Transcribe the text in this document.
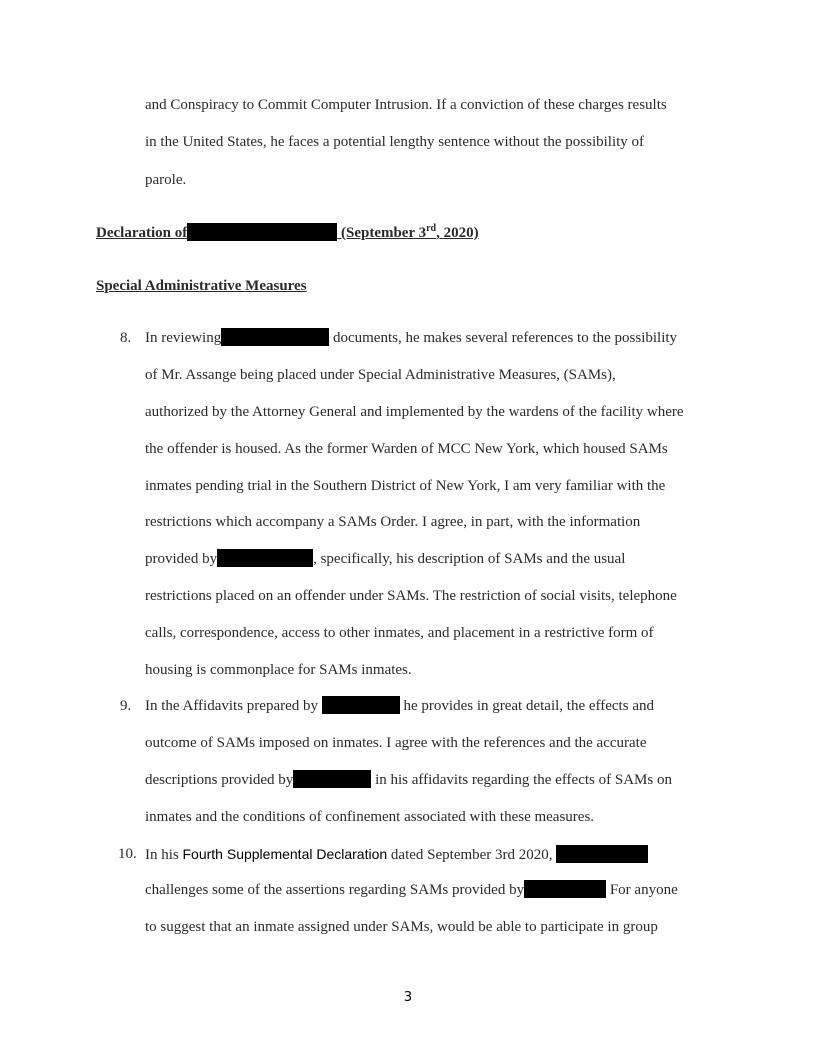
and Conspiracy to Commit Computer Intrusion. If a conviction of these charges results
in the United States, he faces a potential lengthy sentence without the possibility of
parole.
Declaration of	(September 3rd, 2020)
Special Administrative Measures
8. In reviewing	documents, he makes several references to the possibility
of Mr. Assange being placed under Special Administrative Measures, (SAMs),
authorized by the Attorney General and implemented by the wardens of the facility where
the offender is housed. As the former Warden of MCC New York, which housed SAMs
inmates pending trial in the Southern District of New York, I am very familiar with the
restrictions which accompany a SAMs Order. I agree, in part, with the information
provided by	, specifically, his description of SAMs and the usual
restrictions placed on an offender under SAMs. The restriction of social visits, telephone
calls, correspondence, access to other inmates, and placement in a restrictive form of
housing is commonplace for SAMs inmates.
9. In the Affidavits prepared by	he provides in great detail, the effects and
outcome of SAMs imposed on inmates. I agree with the references and the accurate
descriptions provided by	in his affidavits regarding the effects of SAMs on
inmates and the conditions of confinement associated with these measures.
10. In his Fourth Supplemental Declaration dated September 3rd 2020,
challenges some of the assertions regarding SAMs provided by	For anyone
to suggest that an inmate assigned under SAMs, would be able to participate in group
3
